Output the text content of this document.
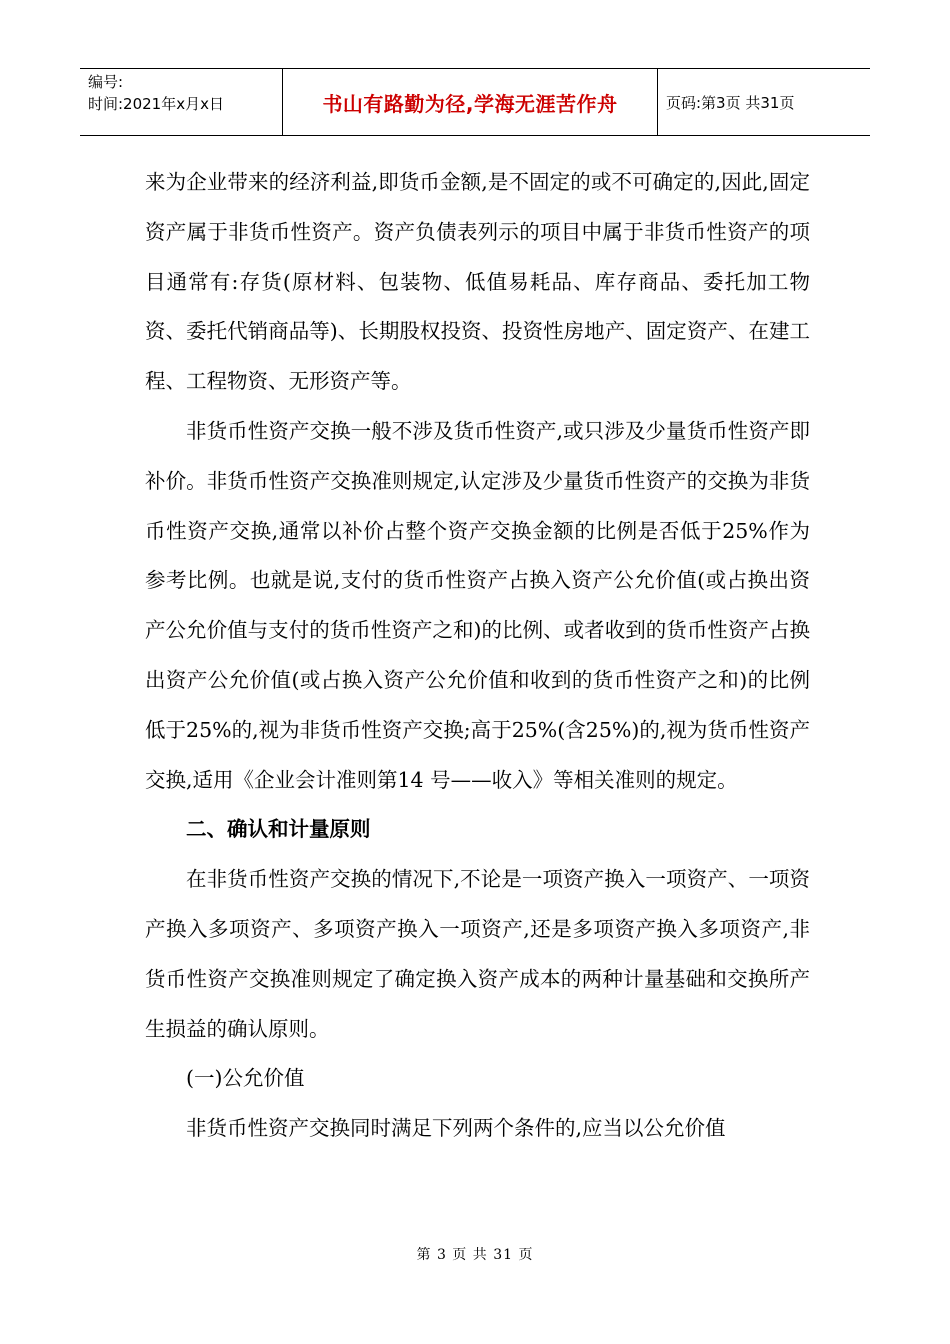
编号:
时间:2021年x月x日	书山有路勤为径,学海无涯苦作舟	页码:第3页 共31页

来为企业带来的经济利益,即货币金额,是不固定的或不可确定的,因此,固定资产属于非货币性资产。资产负债表列示的项目中属于非货币性资产的项目通常有:存货(原材料、包装物、低值易耗品、库存商品、委托加工物资、委托代销商品等)、长期股权投资、投资性房地产、固定资产、在建工程、工程物资、无形资产等。

非货币性资产交换一般不涉及货币性资产,或只涉及少量货币性资产即补价。非货币性资产交换准则规定,认定涉及少量货币性资产的交换为非货币性资产交换,通常以补价占整个资产交换金额的比例是否低于25%作为参考比例。也就是说,支付的货币性资产占换入资产公允价值(或占换出资产公允价值与支付的货币性资产之和)的比例、或者收到的货币性资产占换出资产公允价值(或占换入资产公允价值和收到的货币性资产之和)的比例低于25%的,视为非货币性资产交换;高于25%(含25%)的,视为货币性资产交换,适用《企业会计准则第14 号——收入》等相关准则的规定。

二、确认和计量原则

在非货币性资产交换的情况下,不论是一项资产换入一项资产、一项资产换入多项资产、多项资产换入一项资产,还是多项资产换入多项资产,非货币性资产交换准则规定了确定换入资产成本的两种计量基础和交换所产生损益的确认原则。

(一)公允价值

非货币性资产交换同时满足下列两个条件的,应当以公允价值

第 3 页 共 31 页
